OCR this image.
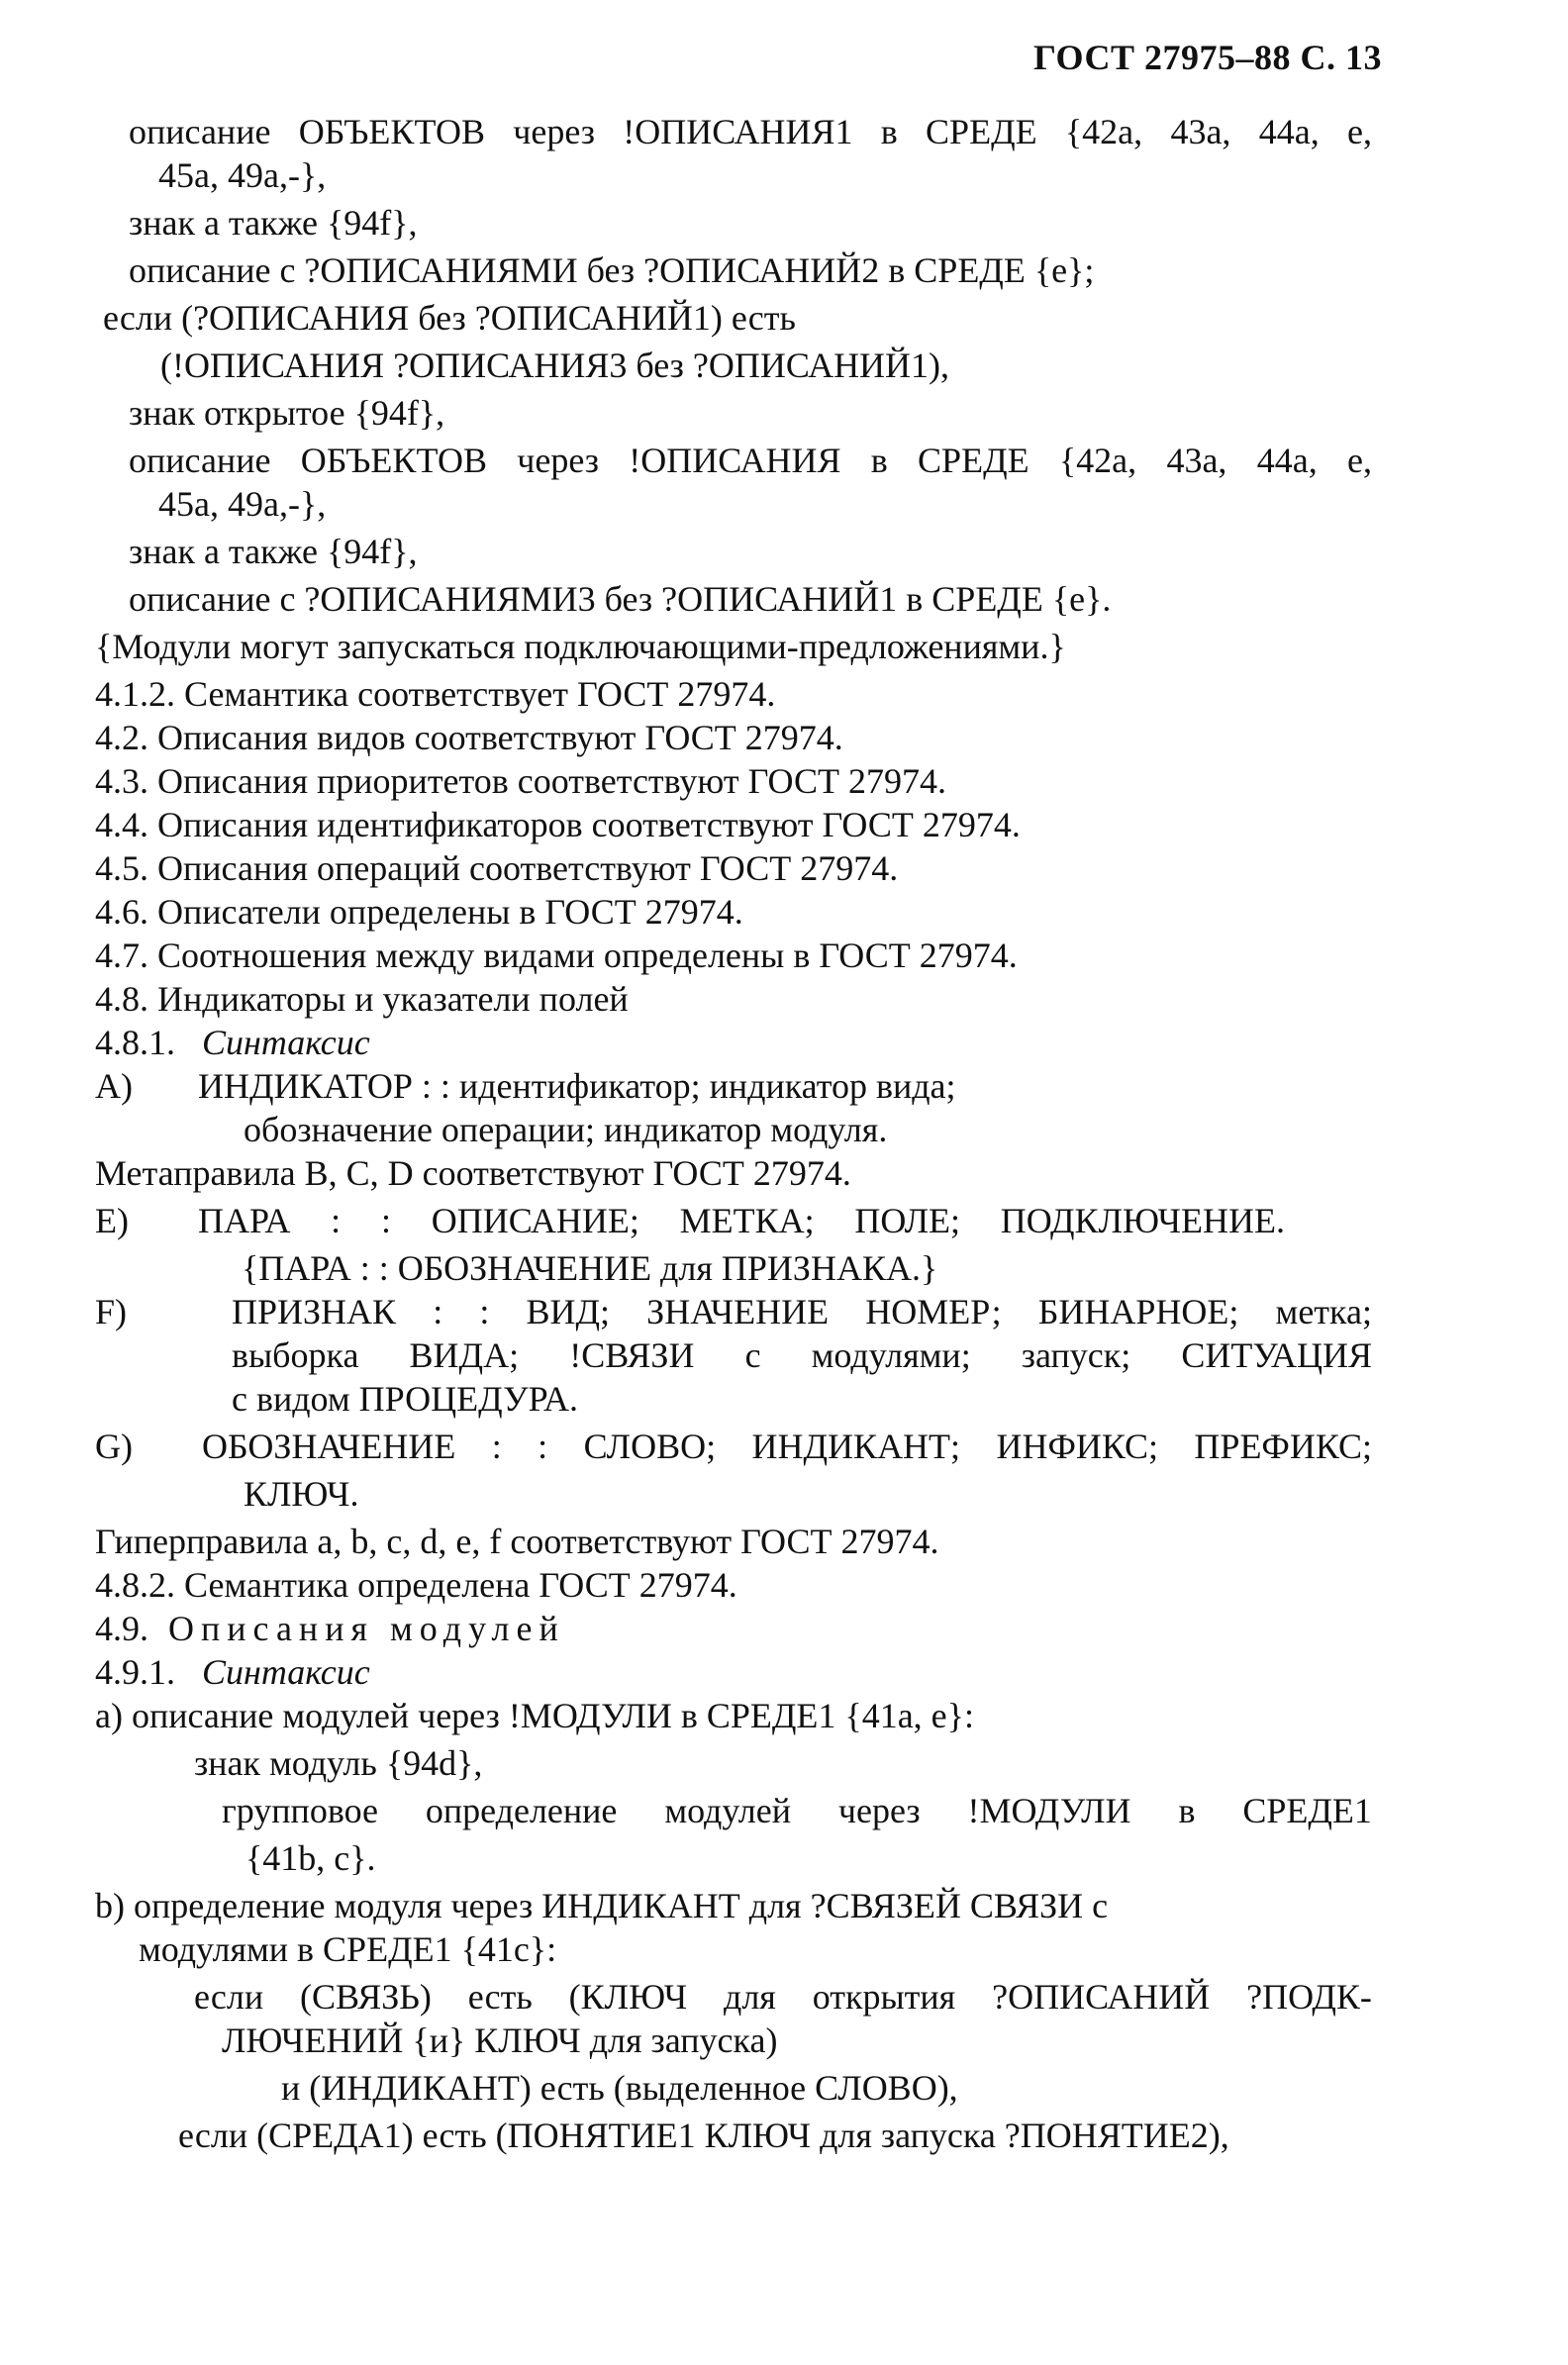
ГОСТ 27975–88 С. 13
описание ОБЪЕКТОВ через !ОПИСАНИЯ1 в СРЕДЕ {42а, 43а, 44а, е,
45а, 49а,-},
знак а также {94f},
описание с ?ОПИСАНИЯМИ без ?ОПИСАНИЙ2 в СРЕДЕ {е};
если (?ОПИСАНИЯ без ?ОПИСАНИЙ1) есть
(!ОПИСАНИЯ ?ОПИСАНИЯ3 без ?ОПИСАНИЙ1),
знак открытое {94f},
описание ОБЪЕКТОВ через !ОПИСАНИЯ в СРЕДЕ {42а, 43а, 44а, е,
45а, 49а,-},
знак а также {94f},
описание с ?ОПИСАНИЯМИ3 без ?ОПИСАНИЙ1 в СРЕДЕ {е}.
{Модули могут запускаться подключающими-предложениями.}
4.1.2. Семантика соответствует ГОСТ 27974.
4.2. Описания видов соответствуют ГОСТ 27974.
4.3. Описания приоритетов соответствуют ГОСТ 27974.
4.4. Описания идентификаторов соответствуют ГОСТ 27974.
4.5. Описания операций соответствуют ГОСТ 27974.
4.6. Описатели определены в ГОСТ 27974.
4.7. Соотношения между видами определены в ГОСТ 27974.
4.8. Индикаторы и указатели полей
4.8.1. Синтаксис
A) ИНДИКАТОР : : идентификатор; индикатор вида;
обозначение операции; индикатор модуля.
Метаправила B, C, D соответствуют ГОСТ 27974.
E) ПАРА : : ОПИСАНИЕ; МЕТКА; ПОЛЕ; ПОДКЛЮЧЕНИЕ.
{ПАРА : : ОБОЗНАЧЕНИЕ для ПРИЗНАКА.}
F)	ПРИЗНАК : : ВИД; ЗНАЧЕНИЕ НОМЕР; БИНАРНОЕ; метка;
выборка ВИДА; !СВЯЗИ с модулями; запуск; СИТУАЦИЯ
с видом ПРОЦЕДУРА.
G) ОБОЗНАЧЕНИЕ : : СЛОВО; ИНДИКАНТ; ИНФИКС; ПРЕФИКС;
КЛЮЧ.
Гиперправила a, b, c, d, e, f соответствуют ГОСТ 27974.
4.8.2. Семантика определена ГОСТ 27974.
4.9. Описания модулей
4.9.1. Синтаксис
а) описание модулей через !МОДУЛИ в СРЕДЕ1 {41а, е}:
знак модуль {94d},
групповое определение модулей через !МОДУЛИ в СРЕДЕ1
{41b, c}.
b) определение модуля через ИНДИКАНТ для ?СВЯЗЕЙ СВЯЗИ с
модулями в СРЕДЕ1 {41с}:
если (СВЯЗЬ) есть (КЛЮЧ для открытия ?ОПИСАНИЙ ?ПОДК-
ЛЮЧЕНИЙ {и} КЛЮЧ для запуска)
и (ИНДИКАНТ) есть (выделенное СЛОВО),
если (СРЕДА1) есть (ПОНЯТИЕ1 КЛЮЧ для запуска ?ПОНЯТИЕ2),
